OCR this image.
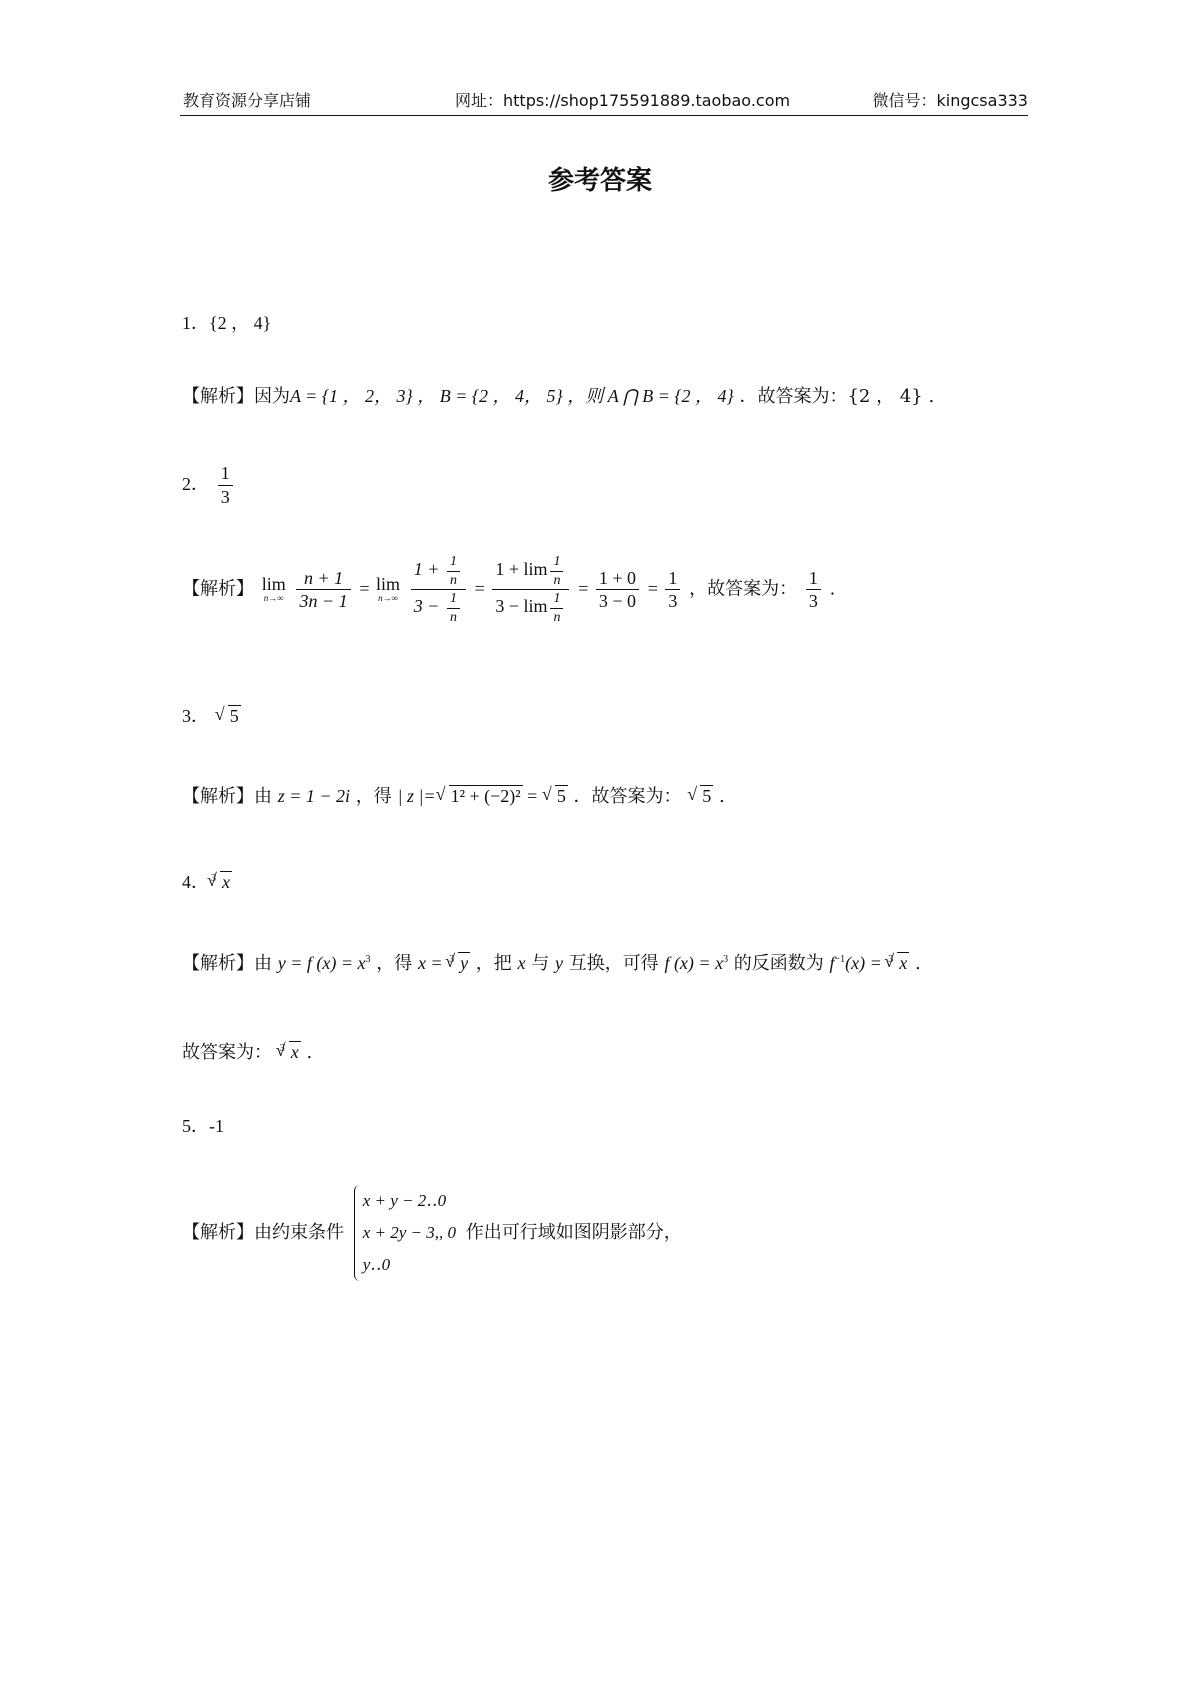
教育资源分享店铺	网址：https://shop175591889.taobao.com	微信号：kingcsa333
参考答案
1．{2 ， 4}
【解析】因为A = {1 ， 2， 3} ， B = {2 ， 4， 5} ，则 A ⋂ B = {2 ， 4} ．故答案为：{2 ， 4} .
2． $\frac{1}{3}$
【解析】 lim
n→∞
$\frac{n + 1}{3n - 1} = \lim$
n→∞
$\frac{1 + \frac{1}{n}}{3 - \frac{1}{n}} = \frac{1 + \lim \frac{1}{n}}{3 - \lim \frac{1}{n}} = \frac{1 + 0}{3 - 0} = \frac{1}{3}$ ，故答案为： $\frac{1}{3}$ .
3． √ 5
【解析】由 z = 1 − 2i ，得 | z |=√ 1² + (−2)² = √ 5 ．故答案为： √ 5 .
4． $^3$√ x
【解析】由 y = f $(x) = x^3$ ，得 x = $^3$√ y ，把 x 与 y 互换，可得 f $(x) = x^3$ 的反函数为 $f^{-1}(x) = ^3√$ x .
故答案为： $^3$√ x .
5．-1
【解析】由约束条件
x + y − 2‥0
x + 2y − 3,, 0
y‥0
作出可行域如图阴影部分，
